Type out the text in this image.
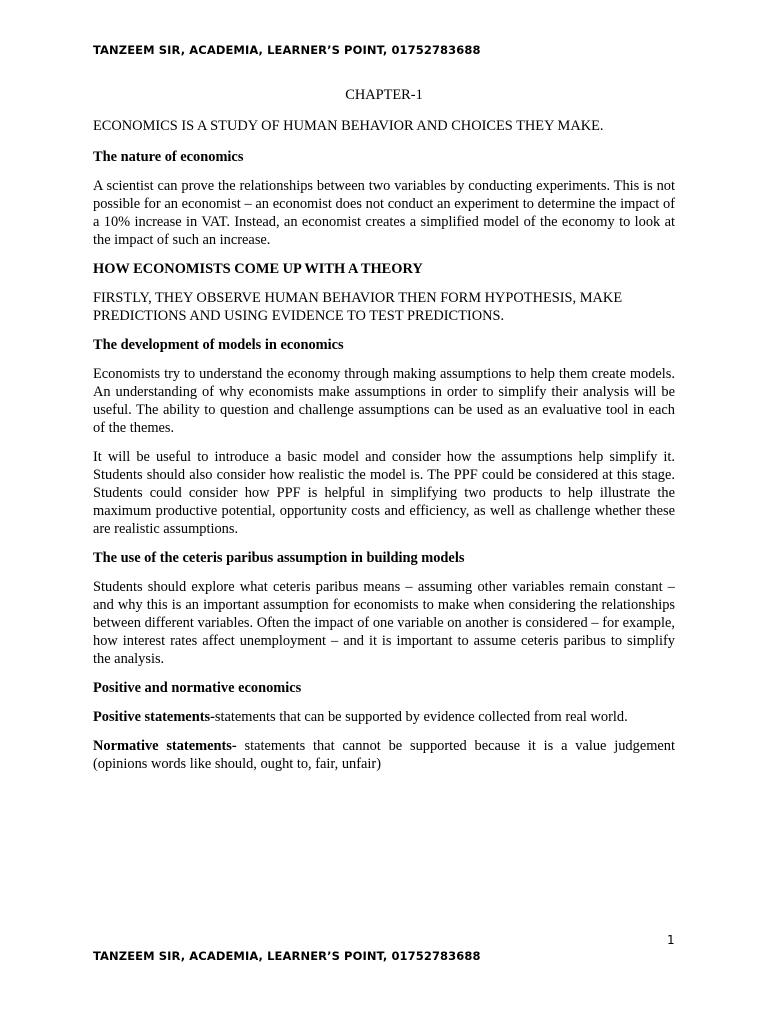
TANZEEM SIR, ACADEMIA, LEARNER’S POINT, 01752783688
CHAPTER-1
ECONOMICS IS A STUDY OF HUMAN BEHAVIOR AND CHOICES THEY MAKE.
The nature of economics
A scientist can prove the relationships between two variables by conducting experiments. This is not possible for an economist – an economist does not conduct an experiment to determine the impact of a 10% increase in VAT. Instead, an economist creates a simplified model of the economy to look at the impact of such an increase.
HOW ECONOMISTS COME UP WITH A THEORY
FIRSTLY, THEY OBSERVE HUMAN BEHAVIOR THEN FORM HYPOTHESIS, MAKE PREDICTIONS AND USING EVIDENCE TO TEST PREDICTIONS.
The development of models in economics
Economists try to understand the economy through making assumptions to help them create models. An understanding of why economists make assumptions in order to simplify their analysis will be useful. The ability to question and challenge assumptions can be used as an evaluative tool in each of the themes.
It will be useful to introduce a basic model and consider how the assumptions help simplify it. Students should also consider how realistic the model is. The PPF could be considered at this stage. Students could consider how PPF is helpful in simplifying two products to help illustrate the maximum productive potential, opportunity costs and efficiency, as well as challenge whether these are realistic assumptions.
The use of the ceteris paribus assumption in building models
Students should explore what ceteris paribus means – assuming other variables remain constant – and why this is an important assumption for economists to make when considering the relationships between different variables. Often the impact of one variable on another is considered – for example, how interest rates affect unemployment – and it is important to assume ceteris paribus to simplify the analysis.
Positive and normative economics
Positive statements-statements that can be supported by evidence collected from real world.
Normative statements- statements that cannot be supported because it is a value judgement (opinions words like should, ought to, fair, unfair)
1
TANZEEM SIR, ACADEMIA, LEARNER’S POINT, 01752783688
